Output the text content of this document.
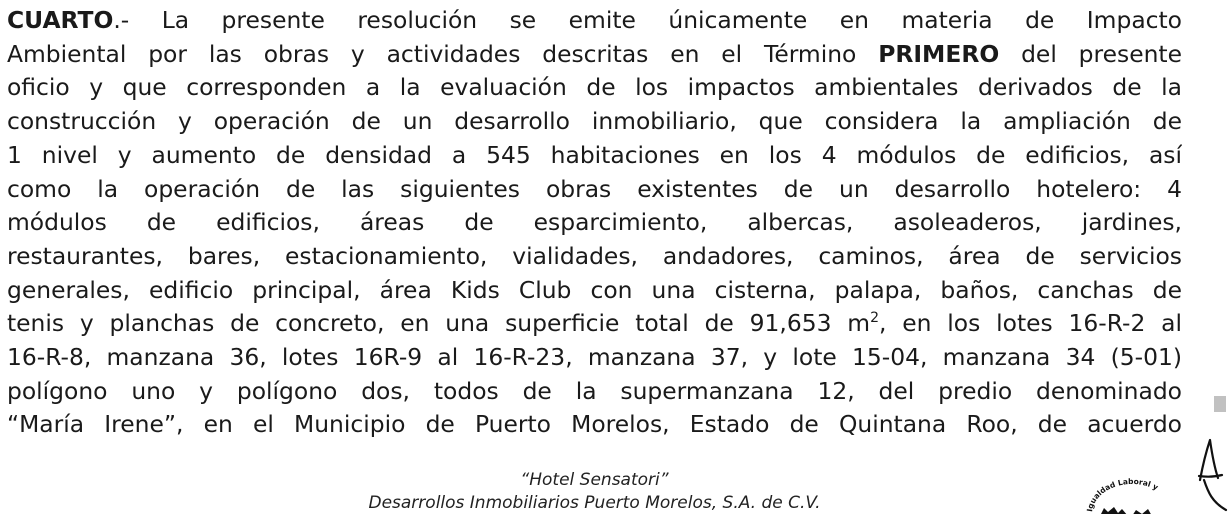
CUARTO.- La presente resolución se emite únicamente en materia de Impacto
Ambiental por las obras y actividades descritas en el Término PRIMERO del presente
oficio y que corresponden a la evaluación de los impactos ambientales derivados de la
construcción y operación de un desarrollo inmobiliario, que considera la ampliación de
1 nivel y aumento de densidad a 545 habitaciones en los 4 módulos de edificios, así
como la operación de las siguientes obras existentes de un desarrollo hotelero: 4
módulos de edificios, áreas de esparcimiento, albercas, asoleaderos, jardines,
restaurantes, bares, estacionamiento, vialidades, andadores, caminos, área de servicios
generales, edificio principal, área Kids Club con una cisterna, palapa, baños, canchas de
tenis y planchas de concreto, en una superficie total de 91,653 $m^2$, en los lotes 16-R-2 al
16-R-8, manzana 36, lotes 16R-9 al 16-R-23, manzana 37, y lote 15-04, manzana 34 (5-01)
polígono uno y polígono dos, todos de la supermanzana 12, del predio denominado
“María Irene”, en el Municipio de Puerto Morelos, Estado de Quintana Roo, de acuerdo
“Hotel Sensatori”
Desarrollos Inmobiliarios Puerto Morelos, S.A. de C.V.	Igualdad Laboral y
